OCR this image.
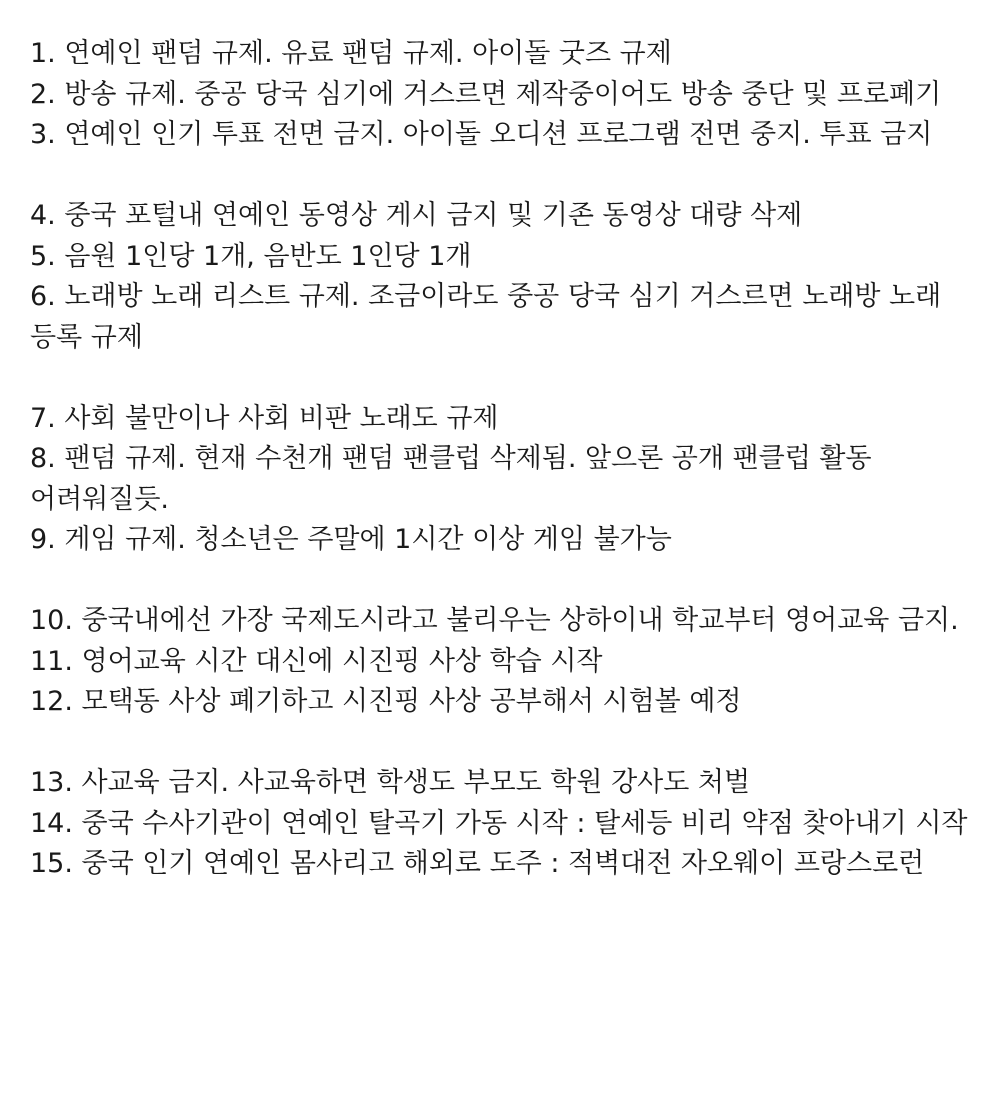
1. 연예인 팬덤 규제. 유료 팬덤 규제. 아이돌 굿즈 규제

2. 방송 규제. 중공 당국 심기에 거스르면 제작중이어도 방송 중단 및 프로폐기

3. 연예인 인기 투표 전면 금지. 아이돌 오디션 프로그램 전면 중지. 투표 금지

4. 중국 포털내 연예인 동영상 게시 금지 및 기존 동영상 대량 삭제

5. 음원 1인당 1개, 음반도 1인당 1개

6. 노래방 노래 리스트 규제. 조금이라도 중공 당국 심기 거스르면 노래방 노래 등록 규제

7. 사회 불만이나 사회 비판 노래도 규제

8. 팬덤 규제. 현재 수천개 팬덤 팬클럽 삭제됨. 앞으론 공개 팬클럽 활동 어려워질듯.

9. 게임 규제. 청소년은 주말에 1시간 이상 게임 불가능

10. 중국내에선 가장 국제도시라고 불리우는 상하이내 학교부터 영어교육 금지.

11. 영어교육 시간 대신에 시진핑 사상 학습 시작

12. 모택동 사상 폐기하고 시진핑 사상 공부해서 시험볼 예정

13. 사교육 금지. 사교육하면 학생도 부모도 학원 강사도 처벌

14. 중국 수사기관이 연예인 탈곡기 가동 시작 : 탈세등 비리 약점 찾아내기 시작

15. 중국 인기 연예인 몸사리고 해외로 도주 : 적벽대전 자오웨이 프랑스로런
